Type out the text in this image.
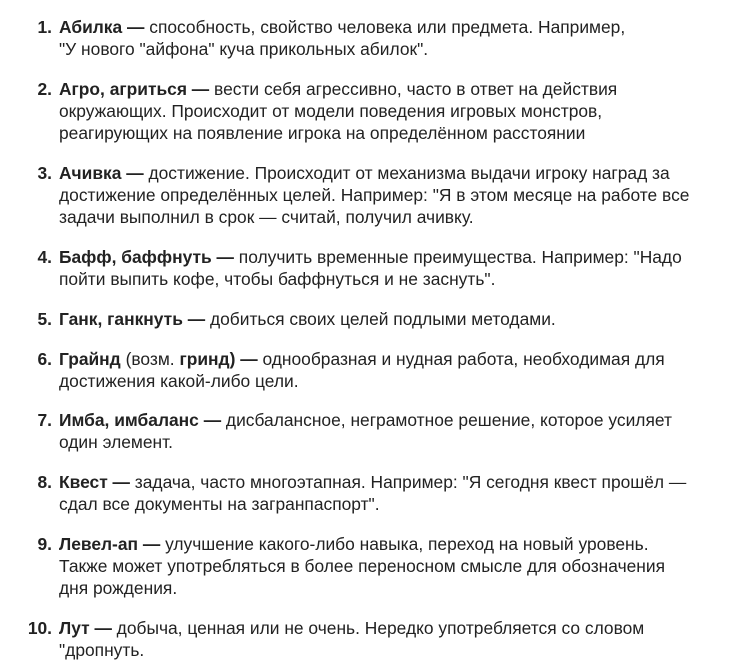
1. Абилка — способность, свойство человека или предмета. Например,
"У нового "айфона" куча прикольных абилок".
2. Агро, агриться — вести себя агрессивно, часто в ответ на действия
окружающих. Происходит от модели поведения игровых монстров,
реагирующих на появление игрока на определённом расстоянии
3. Ачивка — достижение. Происходит от механизма выдачи игроку наград за
достижение определённых целей. Например: "Я в этом месяце на работе все
задачи выполнил в срок — считай, получил ачивку.
4. Бафф, баффнуть — получить временные преимущества. Например: "Надо
пойти выпить кофе, чтобы баффнуться и не заснуть".
5. Ганк, ганкнуть — добиться своих целей подлыми методами.
6. Грайнд (возм. гринд) — однообразная и нудная работа, необходимая для
достижения какой-либо цели.
7. Имба, имбаланс — дисбалансное, неграмотное решение, которое усиляет
один элемент.
8. Квест — задача, часто многоэтапная. Например: "Я сегодня квест прошёл —
сдал все документы на загранпаспорт".
9. Левел-ап — улучшение какого-либо навыка, переход на новый уровень.
Также может употребляться в более переносном смысле для обозначения
дня рождения.
10. Лут — добыча, ценная или не очень. Нередко употребляется со словом
"дропнуть.
